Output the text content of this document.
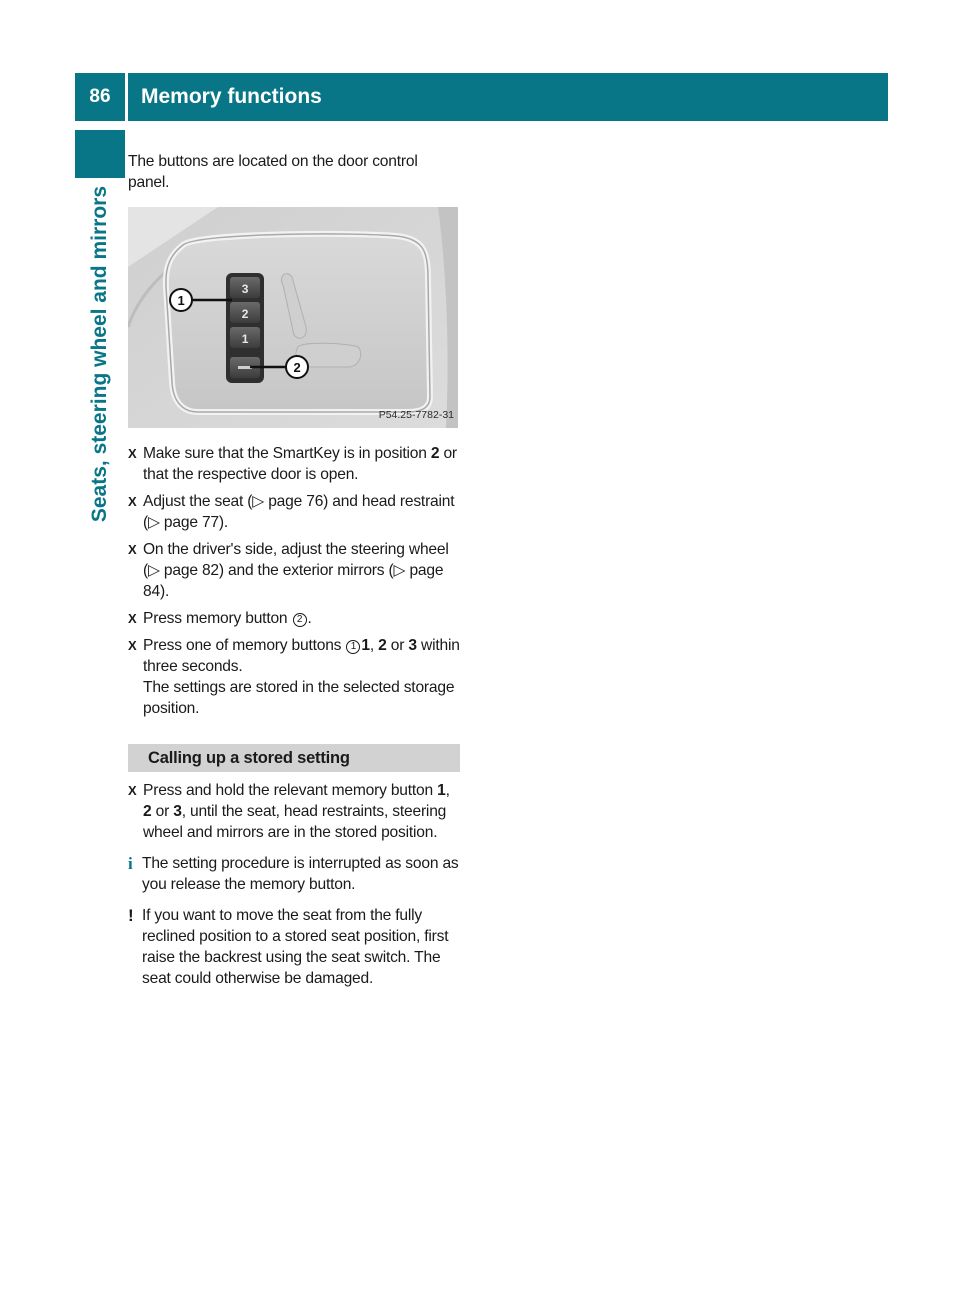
86	Memory functions
Seats, steering wheel and mirrors

The buttons are located on the door control panel.

3
2
1
1
2
P54.25-7782-31
X Make sure that the SmartKey is in position 2 or that the respective door is open.
X Adjust the seat (▷ page 76) and head restraint (▷ page 77).
X On the driver's side, adjust the steering wheel (▷ page 82) and the exterior mirrors (▷ page 84).
X Press memory button 2 .
X Press one of memory buttons 1 1, 2 or 3 within three seconds.
The settings are stored in the selected storage position.
Calling up a stored setting
X Press and hold the relevant memory button 1, 2 or 3, until the seat, head restraints, steering wheel and mirrors are in the stored position.
i The setting procedure is interrupted as soon as you release the memory button.
! If you want to move the seat from the fully reclined position to a stored seat position, first raise the backrest using the seat switch. The seat could otherwise be damaged.
